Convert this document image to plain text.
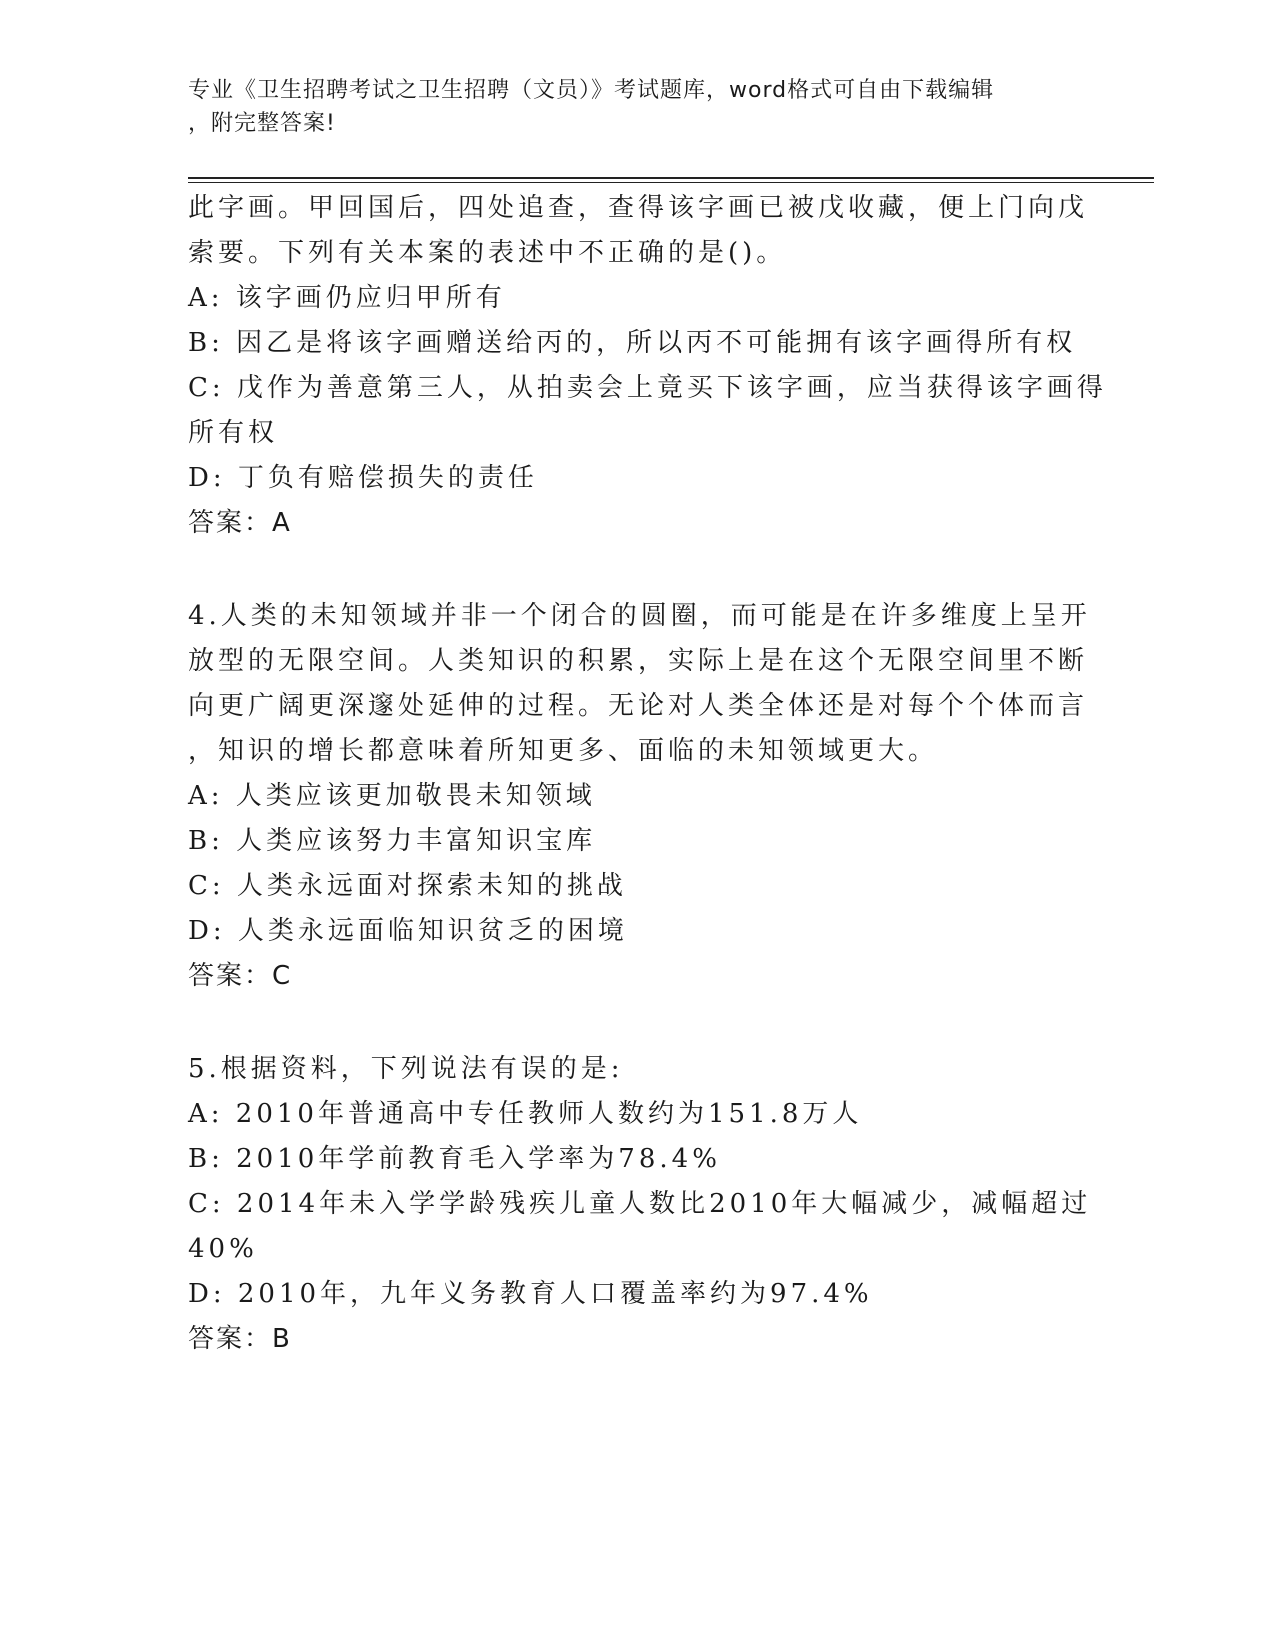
专业《卫生招聘考试之卫生招聘（文员）》考试题库，word格式可自由下载编辑
，附完整答案!
此字画。甲回国后，四处追查，查得该字画已被戊收藏，便上门向戊
索要。下列有关本案的表述中不正确的是()。
A: 该字画仍应归甲所有
B: 因乙是将该字画赠送给丙的，所以丙不可能拥有该字画得所有权
C: 戊作为善意第三人，从拍卖会上竟买下该字画，应当获得该字画得
所有权
D: 丁负有赔偿损失的责任
答案：A
4.人类的未知领域并非一个闭合的圆圈，而可能是在许多维度上呈开
放型的无限空间。人类知识的积累，实际上是在这个无限空间里不断
向更广阔更深邃处延伸的过程。无论对人类全体还是对每个个体而言
，知识的增长都意味着所知更多、面临的未知领域更大。
A: 人类应该更加敬畏未知领域
B: 人类应该努力丰富知识宝库
C: 人类永远面对探索未知的挑战
D: 人类永远面临知识贫乏的困境
答案：C
5.根据资料，下列说法有误的是:
A: 2010年普通高中专任教师人数约为151.8万人
B: 2010年学前教育毛入学率为78.4%
C: 2014年未入学学龄残疾儿童人数比2010年大幅减少，减幅超过
40%
D: 2010年，九年义务教育人口覆盖率约为97.4%
答案：B
